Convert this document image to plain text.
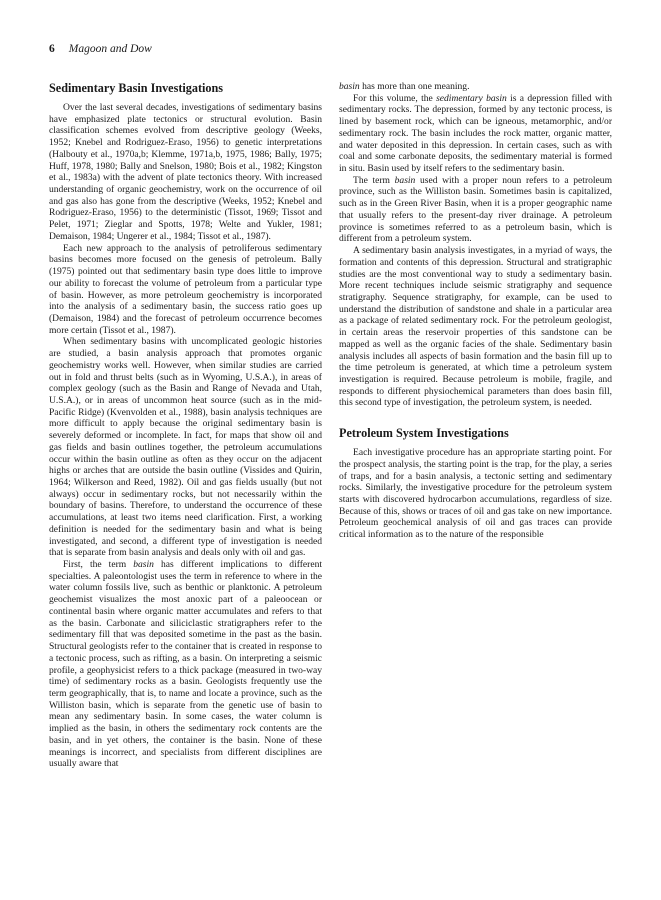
6 Magoon and Dow
Sedimentary Basin Investigations

Over the last several decades, investigations of sedimentary basins have emphasized plate tectonics or structural evolution. Basin classification schemes evolved from descriptive geology (Weeks, 1952; Knebel and Rodriguez-Eraso, 1956) to genetic interpretations (Halbouty et al., 1970a,b; Klemme, 1971a,b, 1975, 1986; Bally, 1975; Huff, 1978, 1980; Bally and Snelson, 1980; Bois et al., 1982; Kingston et al., 1983a) with the advent of plate tectonics theory. With increased understanding of organic geochemistry, work on the occurrence of oil and gas also has gone from the descriptive (Weeks, 1952; Knebel and Rodriguez-Eraso, 1956) to the deterministic (Tissot, 1969; Tissot and Pelet, 1971; Zieglar and Spotts, 1978; Welte and Yukler, 1981; Demaison, 1984; Ungerer et al., 1984; Tissot et al., 1987).

Each new approach to the analysis of petroliferous sedimentary basins becomes more focused on the genesis of petroleum. Bally (1975) pointed out that sedimentary basin type does little to improve our ability to forecast the volume of petroleum from a particular type of basin. However, as more petroleum geochemistry is incorporated into the analysis of a sedimentary basin, the success ratio goes up (Demaison, 1984) and the forecast of petroleum occurrence becomes more certain (Tissot et al., 1987).

When sedimentary basins with uncomplicated geologic histories are studied, a basin analysis approach that promotes organic geochemistry works well. However, when similar studies are carried out in fold and thrust belts (such as in Wyoming, U.S.A.), in areas of complex geology (such as the Basin and Range of Nevada and Utah, U.S.A.), or in areas of uncommon heat source (such as in the mid-Pacific Ridge) (Kvenvolden et al., 1988), basin analysis techniques are more difficult to apply because the original sedimentary basin is severely deformed or incomplete. In fact, for maps that show oil and gas fields and basin outlines together, the petroleum accumulations occur within the basin outline as often as they occur on the adjacent highs or arches that are outside the basin outline (Vissides and Quirin, 1964; Wilkerson and Reed, 1982). Oil and gas fields usually (but not always) occur in sedimentary rocks, but not necessarily within the boundary of basins. Therefore, to understand the occurrence of these accumulations, at least two items need clarification. First, a working definition is needed for the sedimentary basin and what is being investigated, and second, a different type of investigation is needed that is separate from basin analysis and deals only with oil and gas.

First, the term basin has different implications to different specialties. A paleontologist uses the term in reference to where in the water column fossils live, such as benthic or planktonic. A petroleum geochemist visualizes the most anoxic part of a paleoocean or continental basin where organic matter accumulates and refers to that as the basin. Carbonate and siliciclastic stratigraphers refer to the sedimentary fill that was deposited sometime in the past as the basin. Structural geologists refer to the container that is created in response to a tectonic process, such as rifting, as a basin. On interpreting a seismic profile, a geophysicist refers to a thick package (measured in two-way time) of sedimentary rocks as a basin. Geologists frequently use the term geographically, that is, to name and locate a province, such as the Williston basin, which is separate from the genetic use of basin to mean any sedimentary basin. In some cases, the water column is implied as the basin, in others the sedimentary rock contents are the basin, and in yet others, the container is the basin. None of these meanings is incorrect, and specialists from different disciplines are usually aware that

basin has more than one meaning.

For this volume, the sedimentary basin is a depression filled with sedimentary rocks. The depression, formed by any tectonic process, is lined by basement rock, which can be igneous, metamorphic, and/or sedimentary rock. The basin includes the rock matter, organic matter, and water deposited in this depression. In certain cases, such as with coal and some carbonate deposits, the sedimentary material is formed in situ. Basin used by itself refers to the sedimentary basin.

The term basin used with a proper noun refers to a petroleum province, such as the Williston basin. Sometimes basin is capitalized, such as in the Green River Basin, when it is a proper geographic name that usually refers to the present-day river drainage. A petroleum province is sometimes referred to as a petroleum basin, which is different from a petroleum system.

A sedimentary basin analysis investigates, in a myriad of ways, the formation and contents of this depression. Structural and stratigraphic studies are the most conventional way to study a sedimentary basin. More recent techniques include seismic stratigraphy and sequence stratigraphy. Sequence stratigraphy, for example, can be used to understand the distribution of sandstone and shale in a particular area as a package of related sedimentary rock. For the petroleum geologist, in certain areas the reservoir properties of this sandstone can be mapped as well as the organic facies of the shale. Sedimentary basin analysis includes all aspects of basin formation and the basin fill up to the time petroleum is generated, at which time a petroleum system investigation is required. Because petroleum is mobile, fragile, and responds to different physiochemical parameters than does basin fill, this second type of investigation, the petroleum system, is needed.

Petroleum System Investigations

Each investigative procedure has an appropriate starting point. For the prospect analysis, the starting point is the trap, for the play, a series of traps, and for a basin analysis, a tectonic setting and sedimentary rocks. Similarly, the investigative procedure for the petroleum system starts with discovered hydrocarbon accumulations, regardless of size. Because of this, shows or traces of oil and gas take on new importance. Petroleum geochemical analysis of oil and gas traces can provide critical information as to the nature of the responsible
